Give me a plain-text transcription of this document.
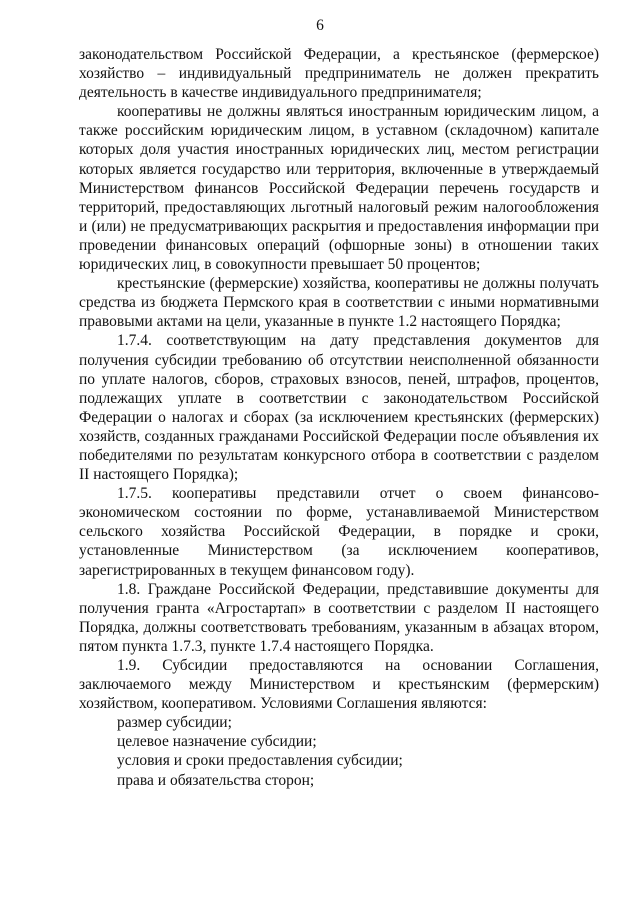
6

законодательством Российской Федерации, а крестьянское (фермерское) хозяйство – индивидуальный предприниматель не должен прекратить деятельность в качестве индивидуального предпринимателя;

кооперативы не должны являться иностранным юридическим лицом, а также российским юридическим лицом, в уставном (складочном) капитале которых доля участия иностранных юридических лиц, местом регистрации которых является государство или территория, включенные в утверждаемый Министерством финансов Российской Федерации перечень государств и территорий, предоставляющих льготный налоговый режим налогообложения и (или) не предусматривающих раскрытия и предоставления информации при проведении финансовых операций (офшорные зоны) в отношении таких юридических лиц, в совокупности превышает 50 процентов;

крестьянские (фермерские) хозяйства, кооперативы не должны получать средства из бюджета Пермского края в соответствии с иными нормативными правовыми актами на цели, указанные в пункте 1.2 настоящего Порядка;

1.7.4. соответствующим на дату представления документов для получения субсидии требованию об отсутствии неисполненной обязанности по уплате налогов, сборов, страховых взносов, пеней, штрафов, процентов, подлежащих уплате в соответствии с законодательством Российской Федерации о налогах и сборах (за исключением крестьянских (фермерских) хозяйств, созданных гражданами Российской Федерации после объявления их победителями по результатам конкурсного отбора в соответствии с разделом II настоящего Порядка);

1.7.5. кооперативы представили отчет о своем финансово-экономическом состоянии по форме, устанавливаемой Министерством сельского хозяйства Российской Федерации, в порядке и сроки, установленные Министерством (за исключением кооперативов, зарегистрированных в текущем финансовом году).

1.8. Граждане Российской Федерации, представившие документы для получения гранта «Агростартап» в соответствии с разделом II настоящего Порядка, должны соответствовать требованиям, указанным в абзацах втором, пятом пункта 1.7.3, пункте 1.7.4 настоящего Порядка.

1.9. Субсидии предоставляются на основании Соглашения, заключаемого между Министерством и крестьянским (фермерским) хозяйством, кооперативом. Условиями Соглашения являются:

размер субсидии;

целевое назначение субсидии;

условия и сроки предоставления субсидии;

права и обязательства сторон;
